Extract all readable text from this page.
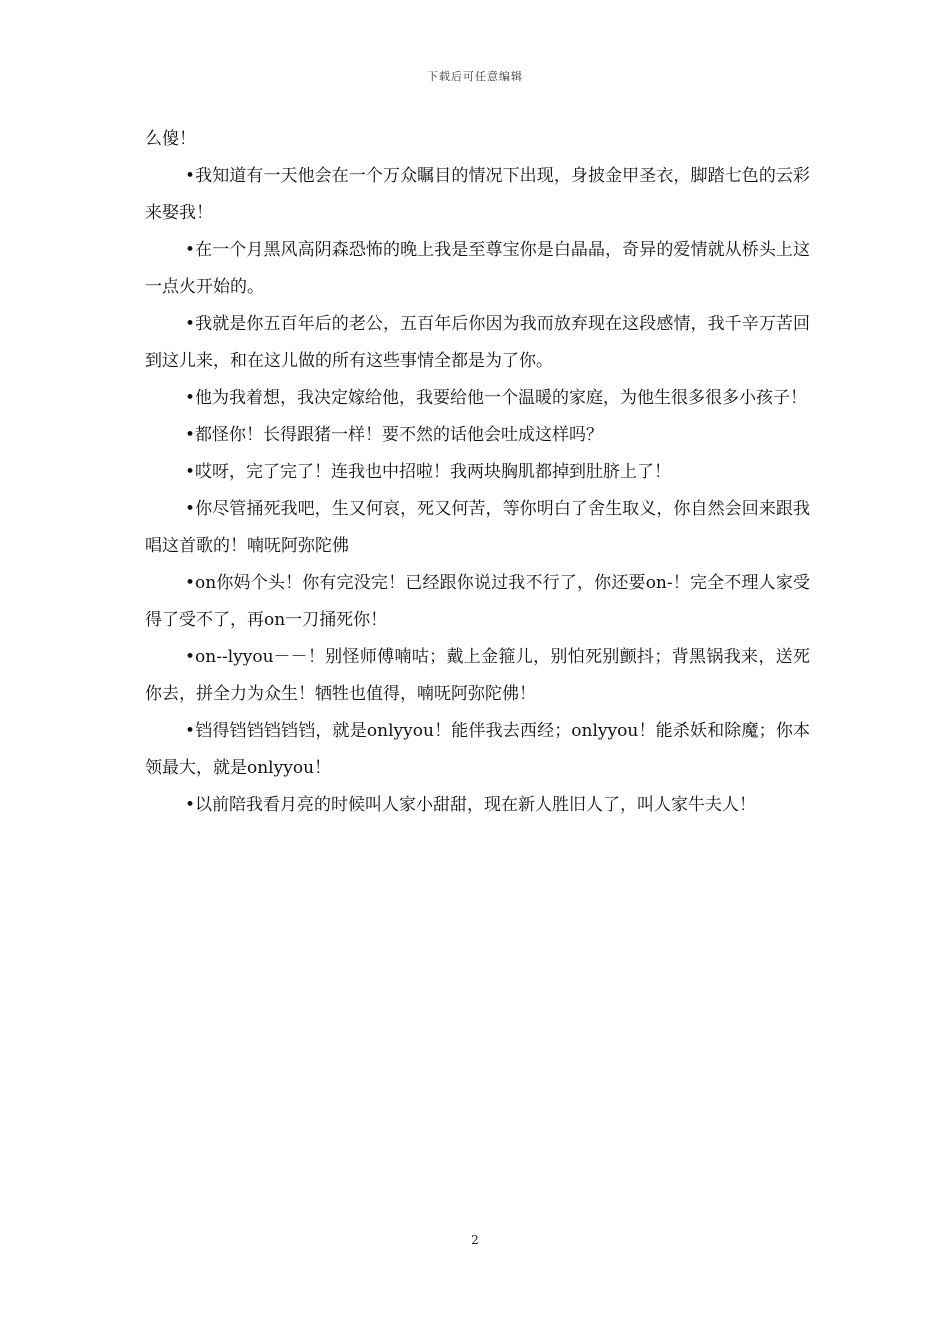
下载后可任意编辑

么傻！

•我知道有一天他会在一个万众瞩目的情况下出现，身披金甲圣衣，脚踏七色的云彩来娶我！

•在一个月黑风高阴森恐怖的晚上我是至尊宝你是白晶晶，奇异的爱情就从桥头上这一点火开始的。

•我就是你五百年后的老公，五百年后你因为我而放弃现在这段感情，我千辛万苦回到这儿来，和在这儿做的所有这些事情全都是为了你。

•他为我着想，我决定嫁给他，我要给他一个温暖的家庭，为他生很多很多小孩子！

•都怪你！长得跟猪一样！要不然的话他会吐成这样吗？

•哎呀，完了完了！连我也中招啦！我两块胸肌都掉到肚脐上了！

•你尽管捅死我吧，生又何哀，死又何苦，等你明白了舍生取义，你自然会回来跟我唱这首歌的！喃呒阿弥陀佛

•on你妈个头！你有完没完！已经跟你说过我不行了，你还要on-！完全不理人家受得了受不了，再on一刀捅死你！

•on--lyyou－－！别怪师傅喃咕；戴上金箍儿，别怕死别颤抖；背黑锅我来，送死你去，拼全力为众生！牺牲也值得，喃呒阿弥陀佛！

•铛得铛铛铛铛铛，就是onlyyou！能伴我去西经；onlyyou！能杀妖和除魔；你本领最大，就是onlyyou！

•以前陪我看月亮的时候叫人家小甜甜，现在新人胜旧人了，叫人家牛夫人！

2
